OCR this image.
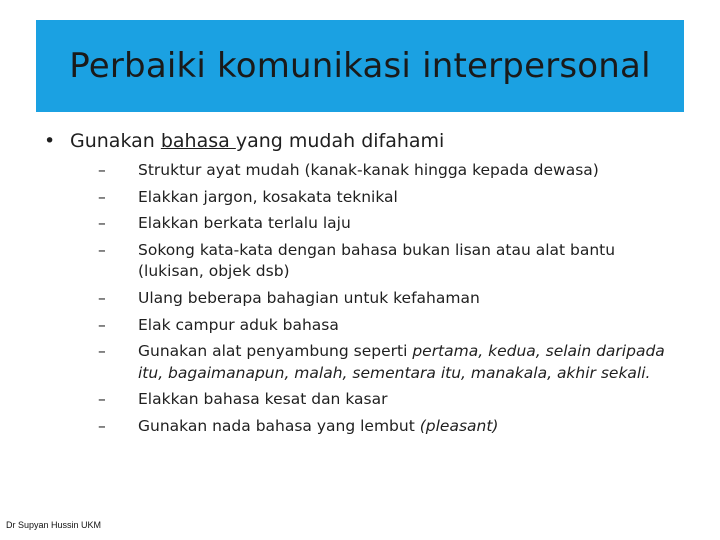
Perbaiki komunikasi interpersonal
• Gunakan bahasa yang mudah difahami
–	Struktur ayat mudah (kanak-kanak hingga kepada dewasa)
–	Elakkan jargon, kosakata teknikal
–	Elakkan berkata terlalu laju
–	Sokong kata-kata dengan bahasa bukan lisan atau alat bantu (lukisan, objek dsb)
–	Ulang beberapa bahagian untuk kefahaman
–	Elak campur aduk bahasa
–	Gunakan alat penyambung seperti pertama, kedua, selain daripada itu, bagaimanapun, malah, sementara itu, manakala, akhir sekali.
–	Elakkan bahasa kesat dan kasar
–	Gunakan nada bahasa yang lembut (pleasant)
Dr Supyan Hussin UKM
